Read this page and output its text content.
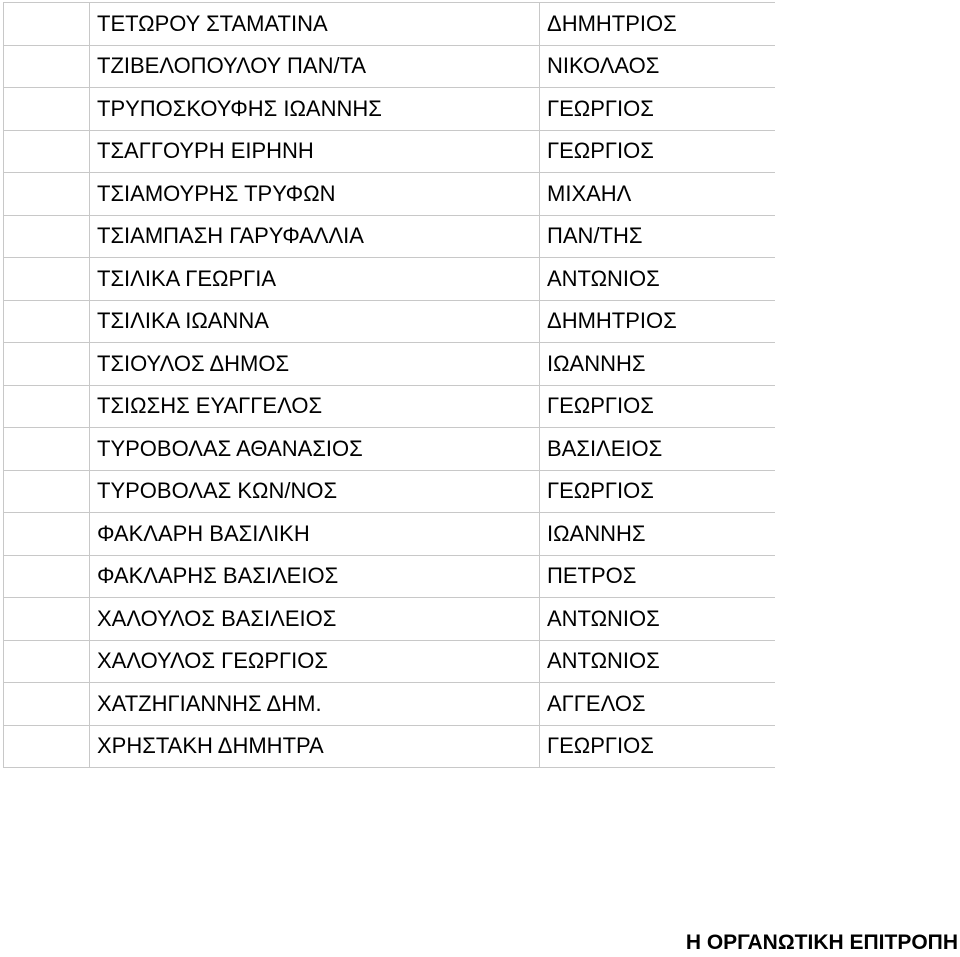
	ΤΕΤΩΡΟΥ ΣΤΑΜΑΤΙΝΑ	ΔΗΜΗΤΡΙΟΣ
	ΤΖΙΒΕΛΟΠΟΥΛΟΥ ΠΑΝ/ΤΑ	ΝΙΚΟΛΑΟΣ
	ΤΡΥΠΟΣΚΟΥΦΗΣ ΙΩΑΝΝΗΣ	ΓΕΩΡΓΙΟΣ
	ΤΣΑΓΓΟΥΡΗ ΕΙΡΗΝΗ	ΓΕΩΡΓΙΟΣ
	ΤΣΙΑΜΟΥΡΗΣ ΤΡΥΦΩΝ	ΜΙΧΑΗΛ
	ΤΣΙΑΜΠΑΣΗ ΓΑΡΥΦΑΛΛΙΑ	ΠΑΝ/ΤΗΣ
	ΤΣΙΛΙΚΑ ΓΕΩΡΓΙΑ	ΑΝΤΩΝΙΟΣ
	ΤΣΙΛΙΚΑ ΙΩΑΝΝΑ	ΔΗΜΗΤΡΙΟΣ
	ΤΣΙΟΥΛΟΣ ΔΗΜΟΣ	ΙΩΑΝΝΗΣ
	ΤΣΙΩΣΗΣ ΕΥΑΓΓΕΛΟΣ	ΓΕΩΡΓΙΟΣ
	ΤΥΡΟΒΟΛΑΣ ΑΘΑΝΑΣΙΟΣ	ΒΑΣΙΛΕΙΟΣ
	ΤΥΡΟΒΟΛΑΣ ΚΩΝ/ΝΟΣ	ΓΕΩΡΓΙΟΣ
	ΦΑΚΛΑΡΗ ΒΑΣΙΛΙΚΗ	ΙΩΑΝΝΗΣ
	ΦΑΚΛΑΡΗΣ ΒΑΣΙΛΕΙΟΣ	ΠΕΤΡΟΣ
	ΧΑΛΟΥΛΟΣ ΒΑΣΙΛΕΙΟΣ	ΑΝΤΩΝΙΟΣ
	ΧΑΛΟΥΛΟΣ ΓΕΩΡΓΙΟΣ	ΑΝΤΩΝΙΟΣ
	ΧΑΤΖΗΓΙΑΝΝΗΣ ΔΗΜ.	ΑΓΓΕΛΟΣ
	ΧΡΗΣΤΑΚΗ ΔΗΜΗΤΡΑ	ΓΕΩΡΓΙΟΣ
Η ΟΡΓΑΝΩΤΙΚΗ ΕΠΙΤΡΟΠΗ
